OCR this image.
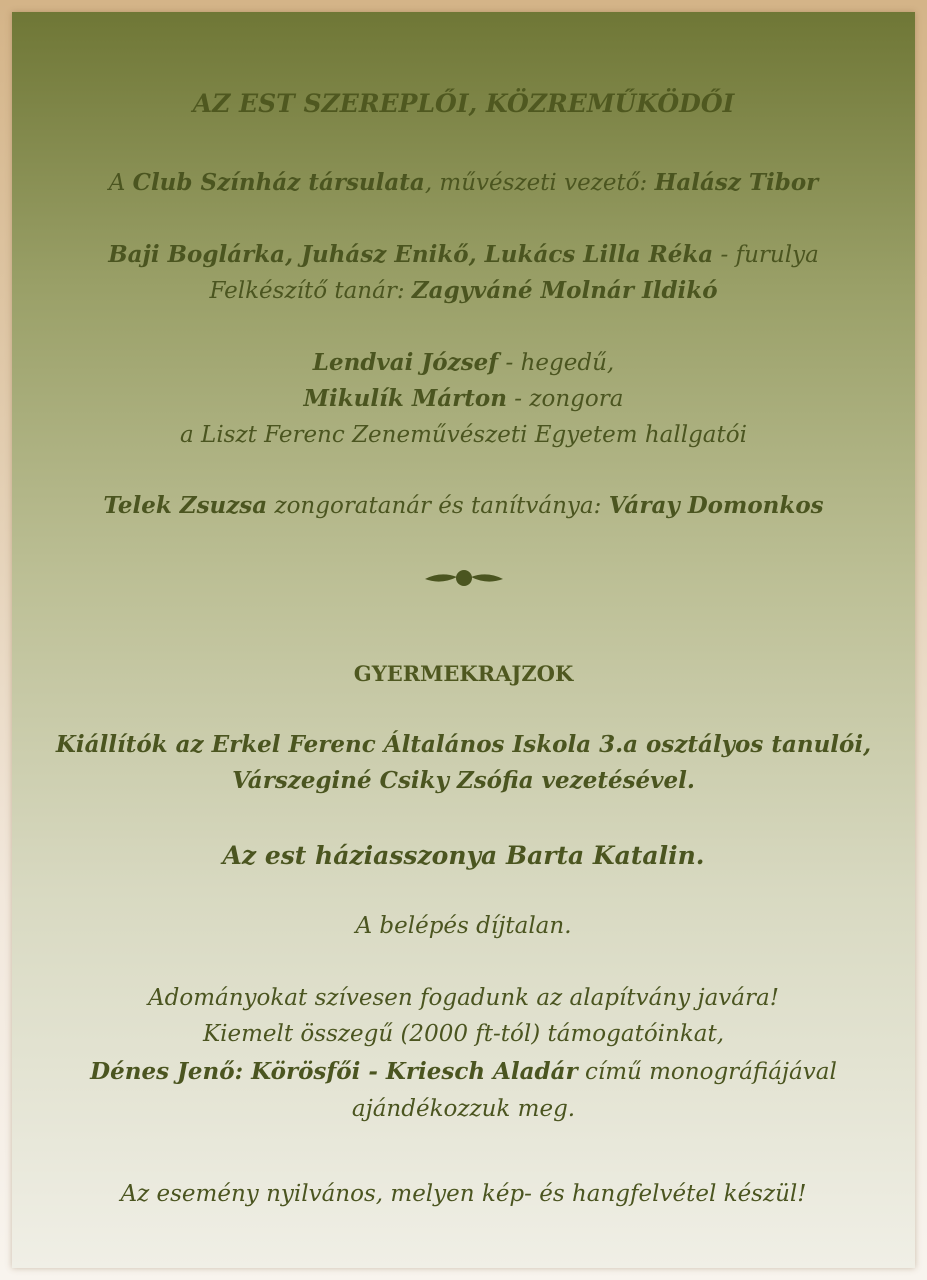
AZ EST SZEREPLŐI, KÖZREMŰKÖDŐI
A Club Színház társulata, művészeti vezető: Halász Tibor
Baji Boglárka, Juhász Enikő, Lukács Lilla Réka - furulya
Felkészítő tanár: Zagyváné Molnár Ildikó
Lendvai József - hegedű,
Mikulík Márton - zongora
a Liszt Ferenc Zeneművészeti Egyetem hallgatói
Telek Zsuzsa zongoratanár és tanítványa: Váray Domonkos
GYERMEKRAJZOK
Kiállítók az Erkel Ferenc Általános Iskola 3.a osztályos tanulói,
Várszeginé Csiky Zsófia vezetésével.
Az est háziasszonya Barta Katalin.
A belépés díjtalan.
Adományokat szívesen fogadunk az alapítvány javára!
Kiemelt összegű (2000 ft-tól) támogatóinkat,
Dénes Jenő: Körösfői - Kriesch Aladár című monográfiájával
ajándékozzuk meg.
Az esemény nyilvános, melyen kép- és hangfelvétel készül!
